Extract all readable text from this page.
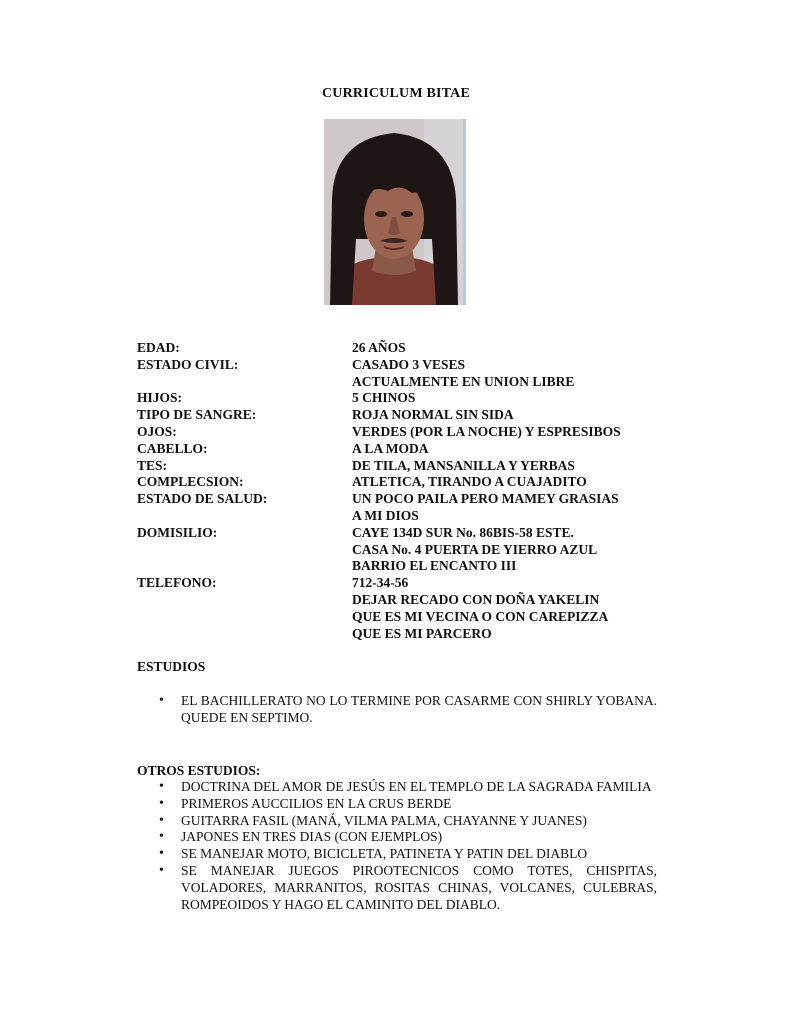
CURRICULUM BITAE
EDAD:	26 AÑOS
ESTADO CIVIL:	CASADO 3 VESES
ACTUALMENTE EN UNION LIBRE
HIJOS:	5 CHINOS
TIPO DE SANGRE:	ROJA NORMAL SIN SIDA
OJOS:	VERDES (POR LA NOCHE) Y ESPRESIBOS
CABELLO:	A LA MODA
TES:	DE TILA, MANSANILLA Y YERBAS
COMPLECSION:	ATLETICA, TIRANDO A CUAJADITO
ESTADO DE SALUD:	UN POCO PAILA PERO MAMEY GRASIAS
A MI DIOS
DOMISILIO:	CAYE 134D SUR No. 86BIS-58 ESTE.
CASA No. 4 PUERTA DE YIERRO AZUL
BARRIO EL ENCANTO III
TELEFONO:	712-34-56
DEJAR RECADO CON DOÑA YAKELIN
QUE ES MI VECINA O CON CAREPIZZA
QUE ES MI PARCERO
ESTUDIOS
• EL BACHILLERATO NO LO TERMINE POR CASARME CON SHIRLY YOBANA. QUEDE EN SEPTIMO.
OTROS ESTUDIOS:
• DOCTRINA DEL AMOR DE JESÚS EN EL TEMPLO DE LA SAGRADA FAMILIA
• PRIMEROS AUCCILIOS EN LA CRUS BERDE
• GUITARRA FASIL (MANÁ, VILMA PALMA, CHAYANNE Y JUANES)
• JAPONES EN TRES DIAS (CON EJEMPLOS)
• SE MANEJAR MOTO, BICICLETA, PATINETA Y PATIN DEL DIABLO
• SE MANEJAR JUEGOS PIROOTECNICOS COMO TOTES, CHISPITAS, VOLADORES, MARRANITOS, ROSITAS CHINAS, VOLCANES, CULEBRAS, ROMPEOIDOS Y HAGO EL CAMINITO DEL DIABLO.
